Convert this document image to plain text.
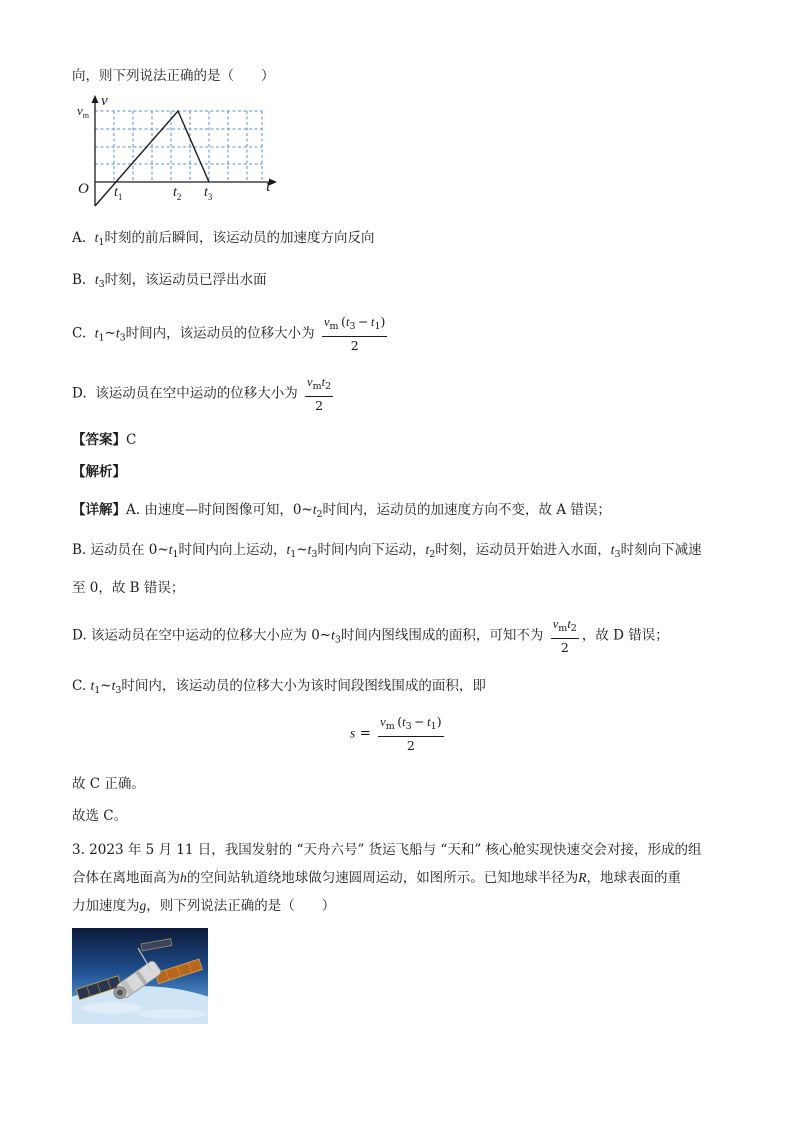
向，则下列说法正确的是（　　）
v
$v_m$
O $t_1$	$t_2$ $t_3$
t
A. $t_1$时刻的前后瞬间，该运动员的加速度方向反向
B. $t_3$时刻，该运动员已浮出水面
C. $t_1\sim t_3$时间内，该运动员的位移大小为 $\frac{v_m (t_3 - t_1)}{2}$
D. 该运动员在空中运动的位移大小为 $\frac{v_mt_2}{2}$
【答案】C
【解析】
【详解】A. 由速度—时间图像可知，$0\sim t_2$时间内，运动员的加速度方向不变，故 A 错误；
B. 运动员在 $0\sim t_1$时间内向上运动，$t_1\sim t_3$时间内向下运动，$t_2$时刻，运动员开始进入水面，$t_3$时刻向下减速
至 0，故 B 错误；
D. 该运动员在空中运动的位移大小应为 $0\sim t_3$时间内图线围成的面积，可知不为 $\frac{v_mt_2}{2}$ ，故 D 错误；
C. $t_1\sim t_3$时间内，该运动员的位移大小为该时间段图线围成的面积，即
$s = \frac{v_m (t_3 - t_1)}{2}$
故 C 正确。
故选 C。
3. 2023 年 5 月 11 日，我国发射的 “天舟六号” 货运飞船与 “天和” 核心舱实现快速交会对接，形成的组
合体在离地面高为h的空间站轨道绕地球做匀速圆周运动，如图所示。已知地球半径为R，地球表面的重
力加速度为g，则下列说法正确的是（　　）
